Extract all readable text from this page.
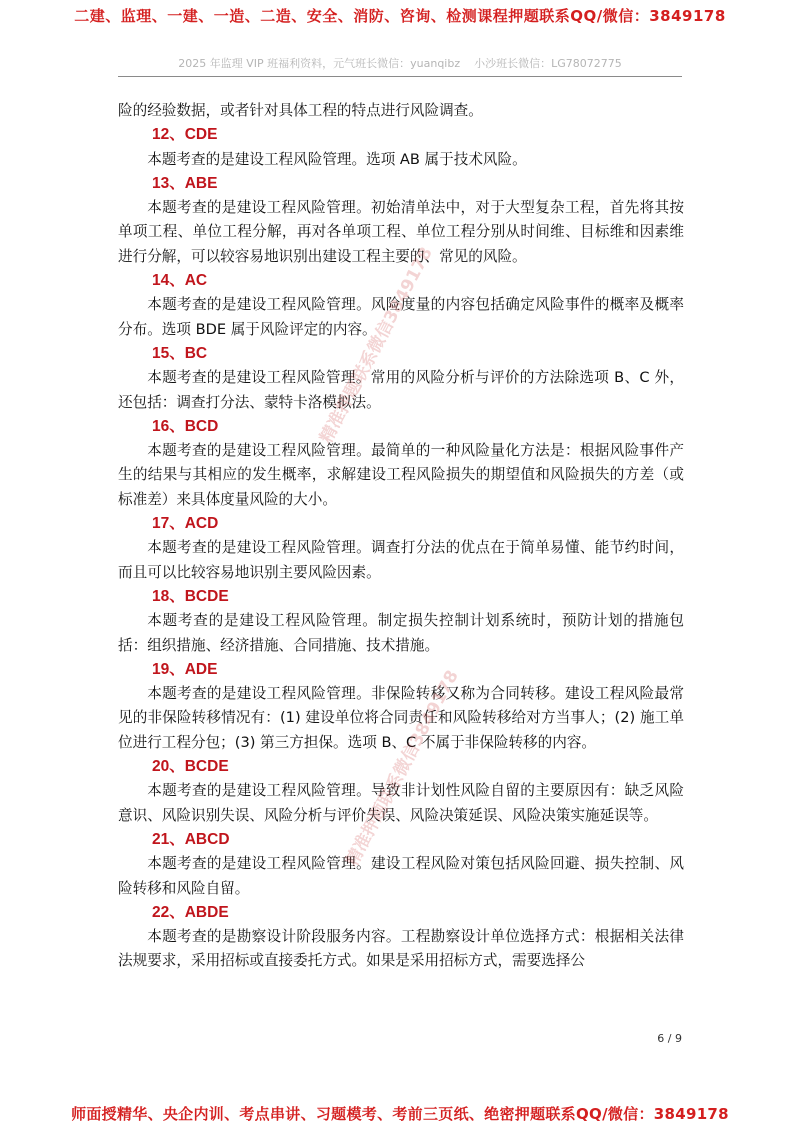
二建、监理、一建、一造、二造、安全、消防、咨询、检测课程押题联系QQ/微信：3849178
2025 年监理 VIP 班福利资料，元气班长微信：yuanqibz    小沙班长微信：LG78072775

险的经验数据，或者针对具体工程的特点进行风险调查。

12、CDE

本题考查的是建设工程风险管理。选项 AB 属于技术风险。

13、ABE

本题考查的是建设工程风险管理。初始清单法中，对于大型复杂工程，首先将其按单项工程、单位工程分解，再对各单项工程、单位工程分别从时间维、目标维和因素维进行分解，可以较容易地识别出建设工程主要的、常见的风险。

14、AC

本题考查的是建设工程风险管理。风险度量的内容包括确定风险事件的概率及概率分布。选项 BDE 属于风险评定的内容。

15、BC

本题考查的是建设工程风险管理。常用的风险分析与评价的方法除选项 B、C 外，还包括：调查打分法、蒙特卡洛模拟法。

16、BCD

本题考查的是建设工程风险管理。最简单的一种风险量化方法是：根据风险事件产生的结果与其相应的发生概率，求解建设工程风险损失的期望值和风险损失的方差（或标准差）来具体度量风险的大小。

17、ACD

本题考查的是建设工程风险管理。调查打分法的优点在于简单易懂、能节约时间，而且可以比较容易地识别主要风险因素。

18、BCDE

本题考查的是建设工程风险管理。制定损失控制计划系统时，预防计划的措施包括：组织措施、经济措施、合同措施、技术措施。

19、ADE

本题考查的是建设工程风险管理。非保险转移又称为合同转移。建设工程风险最常见的非保险转移情况有：(1) 建设单位将合同责任和风险转移给对方当事人；(2) 施工单位进行工程分包；(3) 第三方担保。选项 B、C 不属于非保险转移的内容。

20、BCDE

本题考查的是建设工程风险管理。导致非计划性风险自留的主要原因有：缺乏风险意识、风险识别失误、风险分析与评价失误、风险决策延误、风险决策实施延误等。

21、ABCD

本题考查的是建设工程风险管理。建设工程风险对策包括风险回避、损失控制、风险转移和风险自留。

22、ABDE

本题考查的是勘察设计阶段服务内容。工程勘察设计单位选择方式：根据相关法律法规要求，采用招标或直接委托方式。如果是采用招标方式，需要选择公

精准押题联系微信3849178
精准押题联系微信3849178
6 / 9
师面授精华、央企内训、考点串讲、习题模考、考前三页纸、绝密押题联系QQ/微信：3849178
